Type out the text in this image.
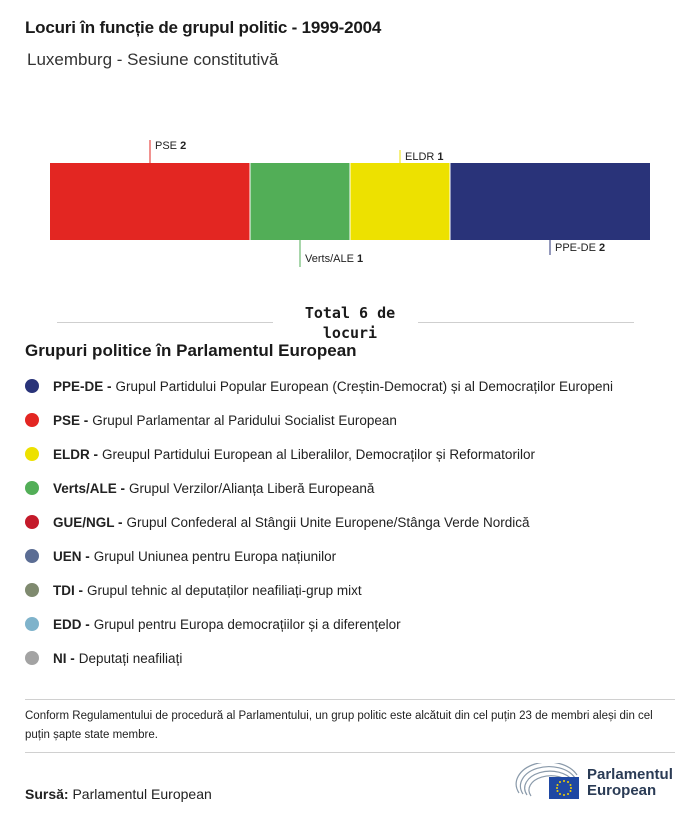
Locuri în funcție de grupul politic - 1999-2004
Luxemburg - Sesiune constitutivă
PSE 2
Verts/ALE 1
ELDR 1
PPE-DE 2
Total 6 de locuri
Grupuri politice în Parlamentul European
PPE-DE - Grupul Partidului Popular European (Creștin-Democrat) și al Democraților Europeni
PSE - Grupul Parlamentar al Paridului Socialist European
ELDR - Greupul Partidului European al Liberalilor, Democraților și Reformatorilor
Verts/ALE - Grupul Verzilor/Alianța Liberă Europeană
GUE/NGL - Grupul Confederal al Stângii Unite Europene/Stânga Verde Nordică
UEN - Grupul Uniunea pentru Europa națiunilor
TDI - Grupul tehnic al deputaților neafiliați-grup mixt
EDD - Grupul pentru Europa democrațiilor și a diferențelor
NI - Deputați neafiliați
Conform Regulamentului de procedură al Parlamentului, un grup politic este alcătuit din cel puțin 23 de membri aleși din cel puțin șapte state membre.
Sursă: Parlamentul European
Parlamentul
European
